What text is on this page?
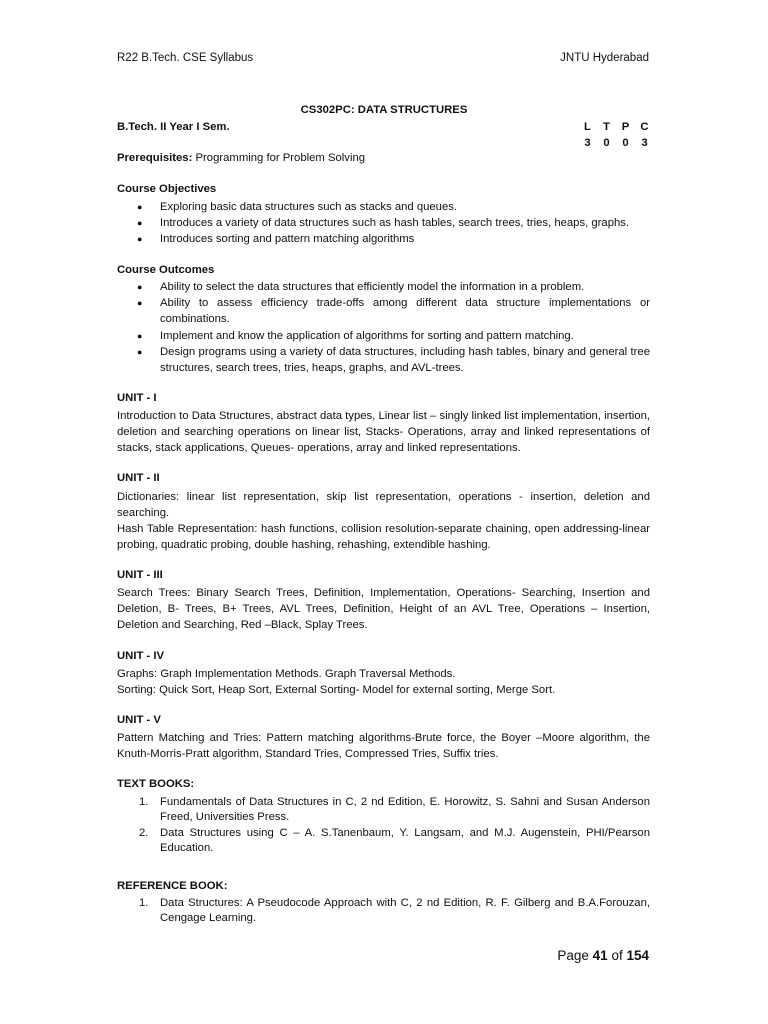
R22 B.Tech. CSE Syllabus	JNTU Hyderabad
CS302PC: DATA STRUCTURES
B.Tech. II Year I Sem.	L T P C
3 0 0 3
Prerequisites: Programming for Problem Solving
Course Objectives
● Exploring basic data structures such as stacks and queues.
● Introduces a variety of data structures such as hash tables, search trees, tries, heaps, graphs.
● Introduces sorting and pattern matching algorithms
Course Outcomes
● Ability to select the data structures that efficiently model the information in a problem.
● Ability to assess efficiency trade-offs among different data structure implementations or combinations.
● Implement and know the application of algorithms for sorting and pattern matching.
● Design programs using a variety of data structures, including hash tables, binary and general tree structures, search trees, tries, heaps, graphs, and AVL-trees.
UNIT - I

Introduction to Data Structures, abstract data types, Linear list – singly linked list implementation, insertion, deletion and searching operations on linear list, Stacks- Operations, array and linked representations of stacks, stack applications, Queues- operations, array and linked representations.

UNIT - II

Dictionaries: linear list representation, skip list representation, operations - insertion, deletion and searching.

Hash Table Representation: hash functions, collision resolution-separate chaining, open addressing-linear probing, quadratic probing, double hashing, rehashing, extendible hashing.

UNIT - III

Search Trees: Binary Search Trees, Definition, Implementation, Operations- Searching, Insertion and Deletion, B- Trees, B+ Trees, AVL Trees, Definition, Height of an AVL Tree, Operations – Insertion, Deletion and Searching, Red –Black, Splay Trees.

UNIT - IV

Graphs: Graph Implementation Methods. Graph Traversal Methods.

Sorting: Quick Sort, Heap Sort, External Sorting- Model for external sorting, Merge Sort.

UNIT - V

Pattern Matching and Tries: Pattern matching algorithms-Brute force, the Boyer –Moore algorithm, the Knuth-Morris-Pratt algorithm, Standard Tries, Compressed Tries, Suffix tries.

TEXT BOOKS:
1. Fundamentals of Data Structures in C, 2 nd Edition, E. Horowitz, S. Sahni and Susan Anderson Freed, Universities Press.
2. Data Structures using C – A. S.Tanenbaum, Y. Langsam, and M.J. Augenstein, PHI/Pearson Education.
REFERENCE BOOK:
1. Data Structures: A Pseudocode Approach with C, 2 nd Edition, R. F. Gilberg and B.A.Forouzan, Cengage Learning.
Page 41 of 154
